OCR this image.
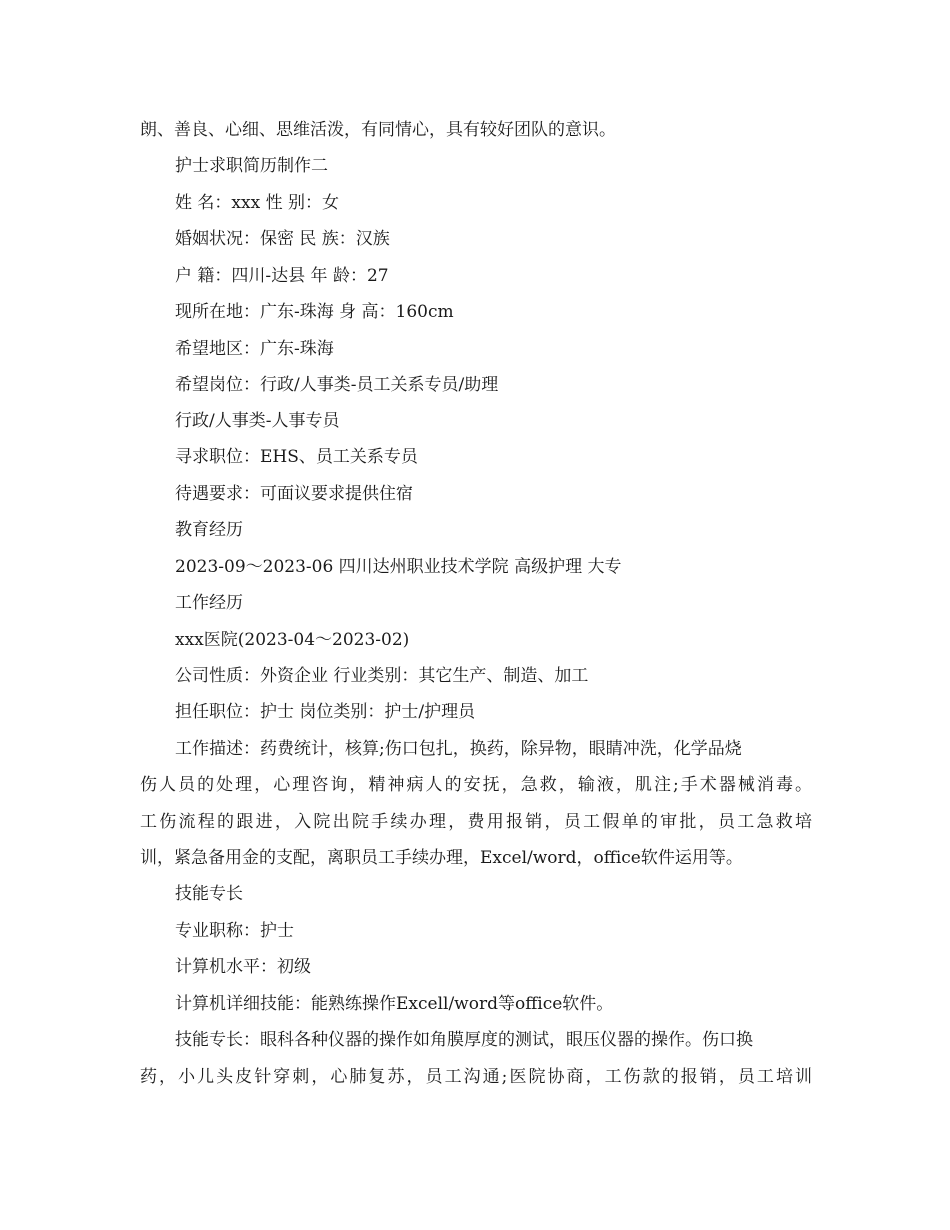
朗、善良、心细、思维活泼，有同情心，具有较好团队的意识。
护士求职简历制作二
姓 名：xxx 性 别：女
婚姻状况：保密 民 族：汉族
户 籍：四川-达县 年 龄：27
现所在地：广东-珠海 身 高：160cm
希望地区：广东-珠海
希望岗位：行政/人事类-员工关系专员/助理
行政/人事类-人事专员
寻求职位：EHS、员工关系专员
待遇要求：可面议要求提供住宿
教育经历
2023-09～2023-06 四川达州职业技术学院 高级护理 大专
工作经历
xxx医院(2023-04～2023-02)
公司性质：外资企业 行业类别：其它生产、制造、加工
担任职位：护士 岗位类别：护士/护理员
工作描述：药费统计，核算;伤口包扎，换药，除异物，眼睛冲洗，化学品烧
伤人员的处理，心理咨询，精神病人的安抚，急救，输液，肌注;手术器械消毒。
工伤流程的跟进，入院出院手续办理，费用报销，员工假单的审批，员工急救培
训，紧急备用金的支配，离职员工手续办理，Excel/word，office软件运用等。
技能专长
专业职称：护士
计算机水平：初级
计算机详细技能：能熟练操作Excell/word等office软件。
技能专长：眼科各种仪器的操作如角膜厚度的测试，眼压仪器的操作。伤口换
药，小儿头皮针穿刺，心肺复苏，员工沟通;医院协商，工伤款的报销，员工培训
